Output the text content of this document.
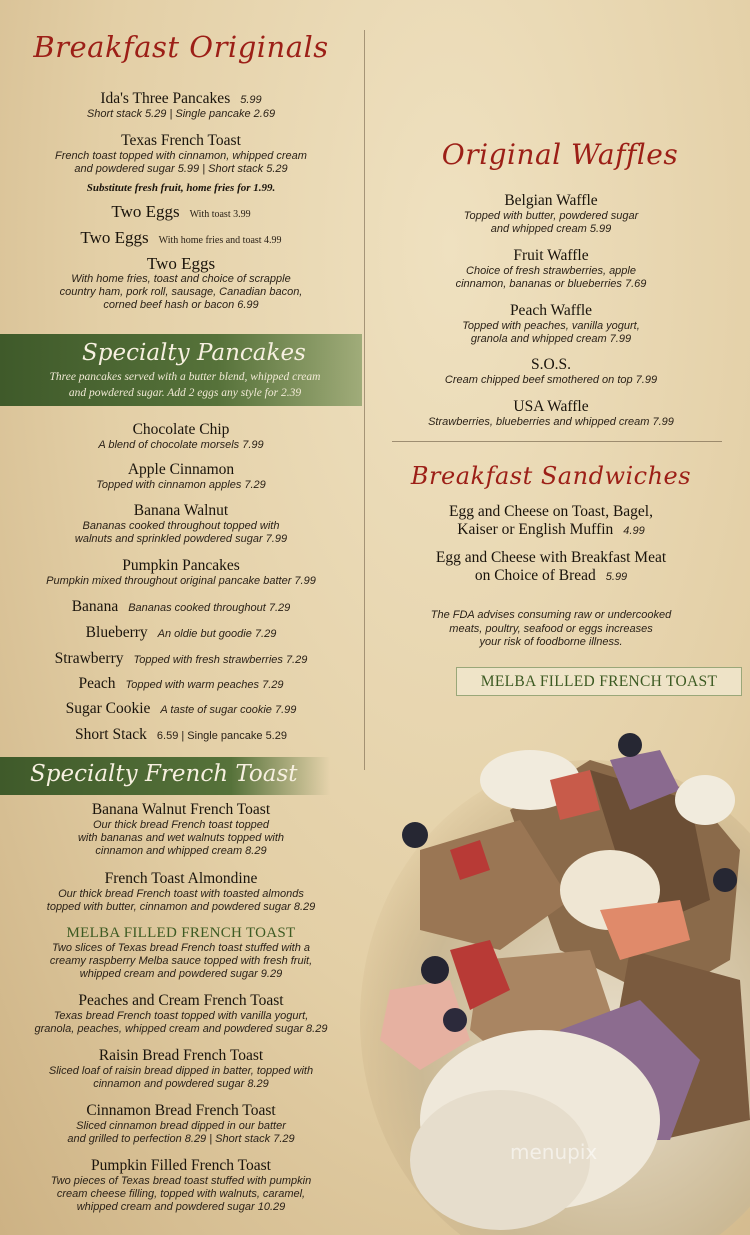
Breakfast Originals
Ida's Three Pancakes 5.99
Short stack 5.29 | Single pancake 2.69
Texas French Toast
French toast topped with cinnamon, whipped cream
and powdered sugar 5.99 | Short stack 5.29
Substitute fresh fruit, home fries for 1.99.
Two Eggs With toast 3.99
Two Eggs With home fries and toast 4.99
Two Eggs
With home fries, toast and choice of scrapple
country ham, pork roll, sausage, Canadian bacon,
corned beef hash or bacon 6.99
Specialty Pancakes
Three pancakes served with a butter blend, whipped cream
and powdered sugar. Add 2 eggs any style for 2.39
Chocolate Chip
A blend of chocolate morsels 7.99
Apple Cinnamon
Topped with cinnamon apples 7.29
Banana Walnut
Bananas cooked throughout topped with
walnuts and sprinkled powdered sugar 7.99
Pumpkin Pancakes
Pumpkin mixed throughout original pancake batter 7.99
Banana Bananas cooked throughout 7.29
Blueberry An oldie but goodie 7.29
Strawberry Topped with fresh strawberries 7.29
Peach Topped with warm peaches 7.29
Sugar Cookie A taste of sugar cookie 7.99
Short Stack 6.59 | Single pancake 5.29
Specialty French Toast
Banana Walnut French Toast
Our thick bread French toast topped
with bananas and wet walnuts topped with
cinnamon and whipped cream 8.29
French Toast Almondine
Our thick bread French toast with toasted almonds
topped with butter, cinnamon and powdered sugar 8.29
MELBA FILLED FRENCH TOAST
Two slices of Texas bread French toast stuffed with a
creamy raspberry Melba sauce topped with fresh fruit,
whipped cream and powdered sugar 9.29
Peaches and Cream French Toast
Texas bread French toast topped with vanilla yogurt,
granola, peaches, whipped cream and powdered sugar 8.29
Raisin Bread French Toast
Sliced loaf of raisin bread dipped in batter, topped with
cinnamon and powdered sugar 8.29
Cinnamon Bread French Toast
Sliced cinnamon bread dipped in our batter
and grilled to perfection 8.29 | Short stack 7.29
Pumpkin Filled French Toast
Two pieces of Texas bread toast stuffed with pumpkin
cream cheese filling, topped with walnuts, caramel,
whipped cream and powdered sugar 10.29
menupix
Original Waffles
Belgian Waffle
Topped with butter, powdered sugar
and whipped cream 5.99
Fruit Waffle
Choice of fresh strawberries, apple
cinnamon, bananas or blueberries 7.69
Peach Waffle
Topped with peaches, vanilla yogurt,
granola and whipped cream 7.99
S.O.S.
Cream chipped beef smothered on top 7.99
USA Waffle
Strawberries, blueberries and whipped cream 7.99
Breakfast Sandwiches
Egg and Cheese on Toast, Bagel,
Kaiser or English Muffin 4.99
Egg and Cheese with Breakfast Meat
on Choice of Bread 5.99
The FDA advises consuming raw or undercooked
meats, poultry, seafood or eggs increases
your risk of foodborne illness.
MELBA FILLED FRENCH TOAST
